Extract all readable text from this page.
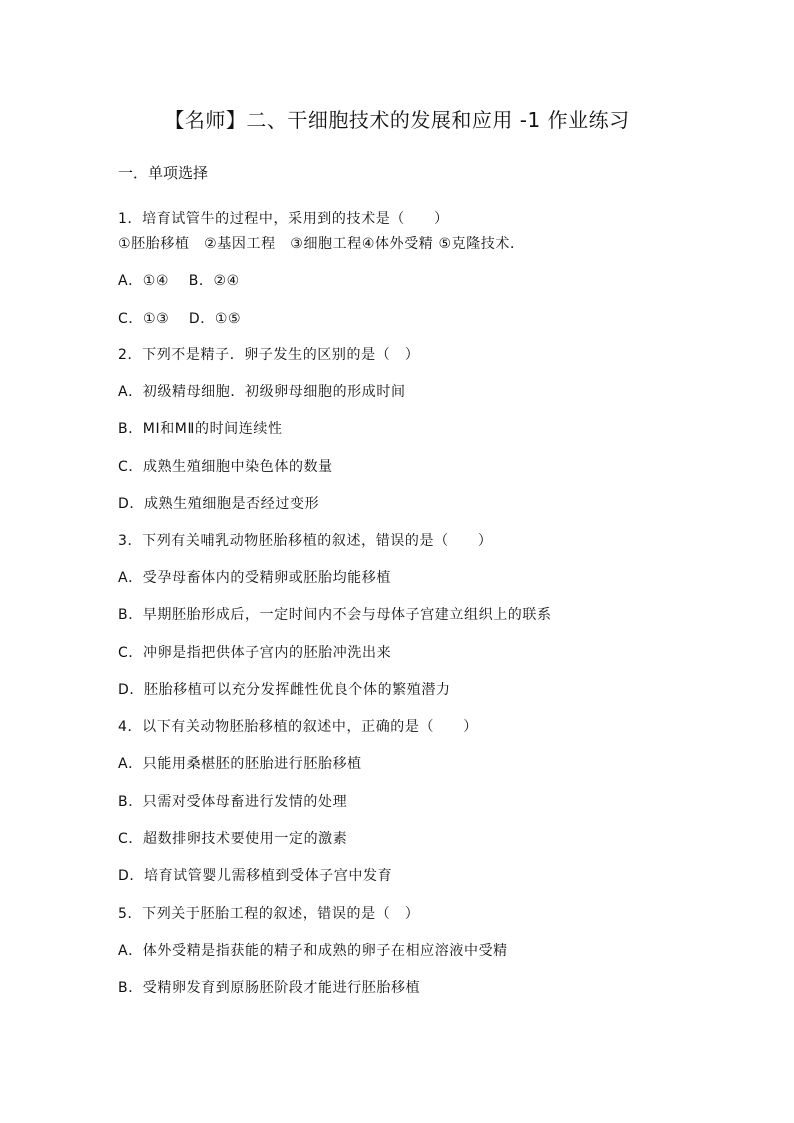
【名师】二、干细胞技术的发展和应用 -1 作业练习
一．单项选择
1．培育试管牛的过程中，采用到的技术是（　　）
①胚胎移植　②基因工程　③细胞工程④体外受精 ⑤克隆技术．
A．①④　 B．②④
C．①③　 D．①⑤
2．下列不是精子．卵子发生的区别的是（　）
A．初级精母细胞．初级卵母细胞的形成时间
B．MⅠ和MⅡ的时间连续性
C．成熟生殖细胞中染色体的数量
D．成熟生殖细胞是否经过变形
3．下列有关哺乳动物胚胎移植的叙述，错误的是（　　）
A．受孕母畜体内的受精卵或胚胎均能移植
B．早期胚胎形成后，一定时间内不会与母体子宫建立组织上的联系
C．冲卵是指把供体子宫内的胚胎冲洗出来
D．胚胎移植可以充分发挥雌性优良个体的繁殖潜力
4．以下有关动物胚胎移植的叙述中，正确的是（　　）
A．只能用桑椹胚的胚胎进行胚胎移植
B．只需对受体母畜进行发情的处理
C．超数排卵技术要使用一定的激素
D．培育试管婴儿需移植到受体子宫中发育
5．下列关于胚胎工程的叙述，错误的是（　）
A．体外受精是指获能的精子和成熟的卵子在相应溶液中受精
B．受精卵发育到原肠胚阶段才能进行胚胎移植
